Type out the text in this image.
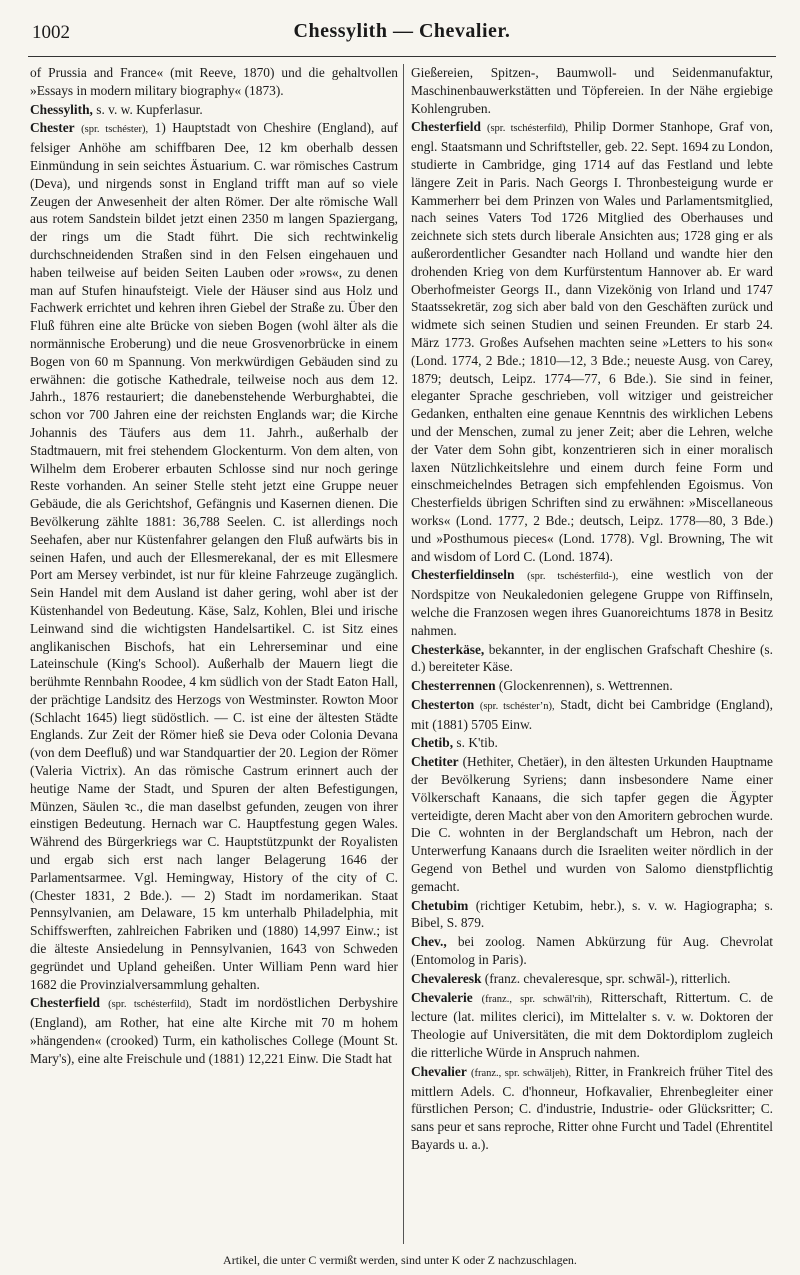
1002	Chessylith — Chevalier.

of Prussia and France« (mit Reeve, 1870) und die gehaltvollen »Essays in modern military biography« (1873).

Chessylith, s. v. w. Kupferlasur.

Chester (spr. tschéster), 1) Hauptstadt von Cheshire (England), auf felsiger Anhöhe am schiffbaren Dee, 12 km oberhalb dessen Einmündung in sein seichtes Ästuarium. C. war römisches Castrum (Deva), und nirgends sonst in England trifft man auf so viele Zeugen der Anwesenheit der alten Römer. Der alte römische Wall aus rotem Sandstein bildet jetzt einen 2350 m langen Spaziergang, der rings um die Stadt führt. Die sich rechtwinkelig durchschneidenden Straßen sind in den Felsen eingehauen und haben teilweise auf beiden Seiten Lauben oder »rows«, zu denen man auf Stufen hinaufsteigt. Viele der Häuser sind aus Holz und Fachwerk errichtet und kehren ihren Giebel der Straße zu. Über den Fluß führen eine alte Brücke von sieben Bogen (wohl älter als die normännische Eroberung) und die neue Grosvenorbrücke in einem Bogen von 60 m Spannung. Von merkwürdigen Gebäuden sind zu erwähnen: die gotische Kathedrale, teilweise noch aus dem 12. Jahrh., 1876 restauriert; die danebenstehende Werburghabtei, die schon vor 700 Jahren eine der reichsten Englands war; die Kirche Johannis des Täufers aus dem 11. Jahrh., außerhalb der Stadtmauern, mit frei stehendem Glockenturm. Von dem alten, von Wilhelm dem Eroberer erbauten Schlosse sind nur noch geringe Reste vorhanden. An seiner Stelle steht jetzt eine Gruppe neuer Gebäude, die als Gerichtshof, Gefängnis und Kasernen dienen. Die Bevölkerung zählte 1881: 36,788 Seelen. C. ist allerdings noch Seehafen, aber nur Küstenfahrer gelangen den Fluß aufwärts bis in seinen Hafen, und auch der Ellesmerekanal, der es mit Ellesmere Port am Mersey verbindet, ist nur für kleine Fahrzeuge zugänglich. Sein Handel mit dem Ausland ist daher gering, wohl aber ist der Küstenhandel von Bedeutung. Käse, Salz, Kohlen, Blei und irische Leinwand sind die wichtigsten Handelsartikel. C. ist Sitz eines anglikanischen Bischofs, hat ein Lehrerseminar und eine Lateinschule (King's School). Außerhalb der Mauern liegt die berühmte Rennbahn Roodee, 4 km südlich von der Stadt Eaton Hall, der prächtige Landsitz des Herzogs von Westminster. Rowton Moor (Schlacht 1645) liegt südöstlich. — C. ist eine der ältesten Städte Englands. Zur Zeit der Römer hieß sie Deva oder Colonia Devana (von dem Deefluß) und war Standquartier der 20. Legion der Römer (Valeria Victrix). An das römische Castrum erinnert auch der heutige Name der Stadt, und Spuren der alten Befestigungen, Münzen, Säulen ꝛc., die man daselbst gefunden, zeugen von ihrer einstigen Bedeutung. Hernach war C. Hauptfestung gegen Wales. Während des Bürgerkriegs war C. Hauptstützpunkt der Royalisten und ergab sich erst nach langer Belagerung 1646 der Parlamentsarmee. Vgl. Hemingway, History of the city of C. (Chester 1831, 2 Bde.). — 2) Stadt im nordamerikan. Staat Pennsylvanien, am Delaware, 15 km unterhalb Philadelphia, mit Schiffswerften, zahlreichen Fabriken und (1880) 14,997 Einw.; ist die älteste Ansiedelung in Pennsylvanien, 1643 von Schweden gegründet und Upland geheißen. Unter William Penn ward hier 1682 die Provinzialversammlung gehalten.

Chesterfield (spr. tschésterfild), Stadt im nordöstlichen Derbyshire (England), am Rother, hat eine alte Kirche mit 70 m hohem »hängenden« (crooked) Turm, ein katholisches College (Mount St. Mary's), eine alte Freischule und (1881) 12,221 Einw. Die Stadt hat

Gießereien, Spitzen-, Baumwoll- und Seidenmanufaktur, Maschinenbauwerkstätten und Töpfereien. In der Nähe ergiebige Kohlengruben.

Chesterfield (spr. tschésterfild), Philip Dormer Stanhope, Graf von, engl. Staatsmann und Schriftsteller, geb. 22. Sept. 1694 zu London, studierte in Cambridge, ging 1714 auf das Festland und lebte längere Zeit in Paris. Nach Georgs I. Thronbesteigung wurde er Kammerherr bei dem Prinzen von Wales und Parlamentsmitglied, nach seines Vaters Tod 1726 Mitglied des Oberhauses und zeichnete sich stets durch liberale Ansichten aus; 1728 ging er als außerordentlicher Gesandter nach Holland und wandte hier den drohenden Krieg von dem Kurfürstentum Hannover ab. Er ward Oberhofmeister Georgs II., dann Vizekönig von Irland und 1747 Staatssekretär, zog sich aber bald von den Geschäften zurück und widmete sich seinen Studien und seinen Freunden. Er starb 24. März 1773. Großes Aufsehen machten seine »Letters to his son« (Lond. 1774, 2 Bde.; 1810—12, 3 Bde.; neueste Ausg. von Carey, 1879; deutsch, Leipz. 1774—77, 6 Bde.). Sie sind in feiner, eleganter Sprache geschrieben, voll witziger und geistreicher Gedanken, enthalten eine genaue Kenntnis des wirklichen Lebens und der Menschen, zumal zu jener Zeit; aber die Lehren, welche der Vater dem Sohn gibt, konzentrieren sich in einer moralisch laxen Nützlichkeitslehre und einem durch feine Form und einschmeichelndes Betragen sich empfehlenden Egoismus. Von Chesterfields übrigen Schriften sind zu erwähnen: »Miscellaneous works« (Lond. 1777, 2 Bde.; deutsch, Leipz. 1778—80, 3 Bde.) und »Posthumous pieces« (Lond. 1778). Vgl. Browning, The wit and wisdom of Lord C. (Lond. 1874).

Chesterfieldinseln (spr. tschésterfild-), eine westlich von der Nordspitze von Neukaledonien gelegene Gruppe von Riffinseln, welche die Franzosen wegen ihres Guanoreichtums 1878 in Besitz nahmen.

Chesterkäse, bekannter, in der englischen Grafschaft Cheshire (s. d.) bereiteter Käse.

Chesterrennen (Glockenrennen), s. Wettrennen.

Chesterton (spr. tschésterʼn), Stadt, dicht bei Cambridge (England), mit (1881) 5705 Einw.

Chetib, s. K'tib.

Chetiter (Hethiter, Chetäer), in den ältesten Urkunden Hauptname der Bevölkerung Syriens; dann insbesondere Name einer Völkerschaft Kanaans, die sich tapfer gegen die Ägypter verteidigte, deren Macht aber von den Amoritern gebrochen wurde. Die C. wohnten in der Berglandschaft um Hebron, nach der Unterwerfung Kanaans durch die Israeliten weiter nördlich in der Gegend von Bethel und wurden von Salomo dienstpflichtig gemacht.

Chetubim (richtiger Ketubim, hebr.), s. v. w. Hagiographa; s. Bibel, S. 879.

Chev., bei zoolog. Namen Abkürzung für Aug. Chevrolat (Entomolog in Paris).

Chevaleresk (franz. chevaleresque, spr. schwāl-), ritterlich.

Chevalerie (franz., spr. schwāl'rih), Ritterschaft, Rittertum. C. de lecture (lat. milites clerici), im Mittelalter s. v. w. Doktoren der Theologie auf Universitäten, die mit dem Doktordiplom zugleich die ritterliche Würde in Anspruch nahmen.

Chevalier (franz., spr. schwäljeh), Ritter, in Frankreich früher Titel des mittlern Adels. C. d'honneur, Hofkavalier, Ehrenbegleiter einer fürstlichen Person; C. d'industrie, Industrie- oder Glücksritter; C. sans peur et sans reproche, Ritter ohne Furcht und Tadel (Ehrentitel Bayards u. a.).

Artikel, die unter C vermißt werden, sind unter K oder Z nachzuschlagen.
